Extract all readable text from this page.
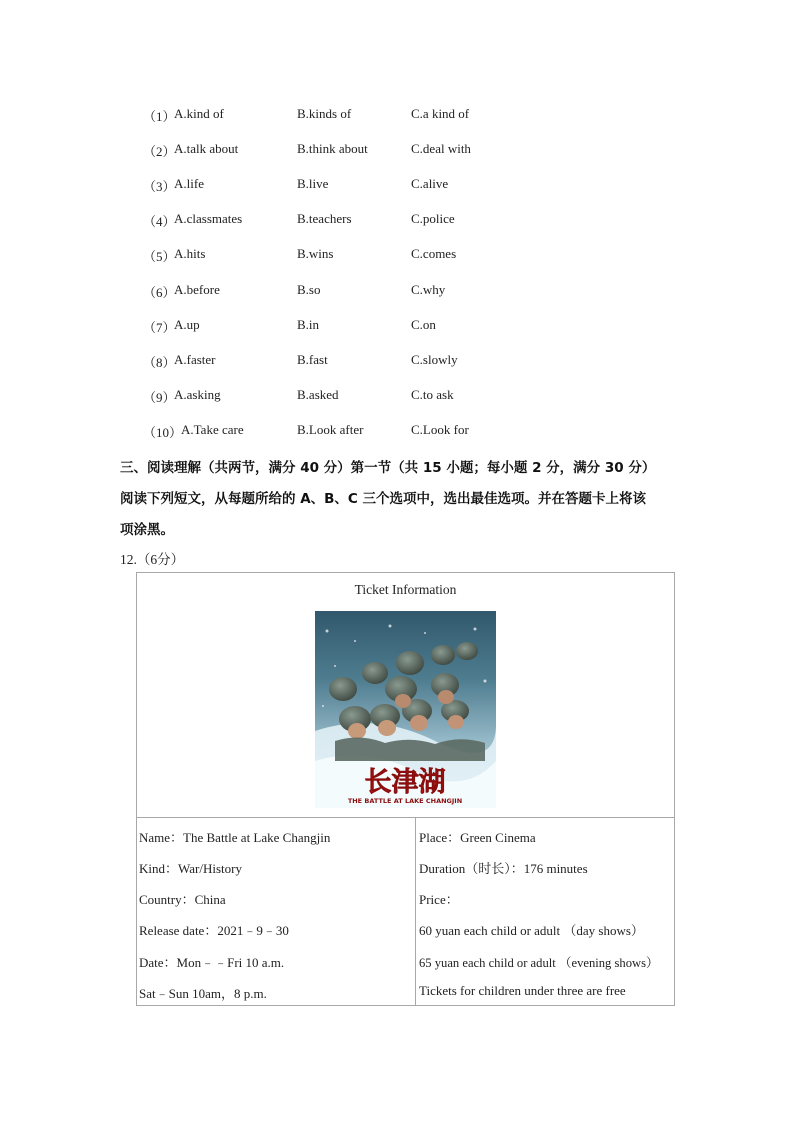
（1）
A.kind of	B.kinds of	C.a kind of
（2）
A.talk about	B.think about	C.deal with
（3）
A.life	B.live	C.alive
（4）
A.classmates	B.teachers	C.police
（5）
A.hits	B.wins	C.comes
（6）
A.before	B.so	C.why
（7）
A.up	B.in	C.on
（8）
A.faster	B.fast	C.slowly
（9）
A.asking	B.asked	C.to ask
（10）
A.Take care	B.Look after	C.Look for
三、阅读理解（共两节，满分 40 分）第一节（共 15 小题；每小题 2 分，满分 30 分）
阅读下列短文，从每题所给的 A、B、C 三个选项中，选出最佳选项。并在答题卡上将该
项涂黑。
12.（6分）
Ticket Information
长津湖
THE BATTLE AT LAKE CHANGJIN
Name：The Battle at Lake Changjin
Kind：War/History
Country：China
Release date：2021﹣9﹣30
Date：Mon﹣﹣Fri 10 a.m.
Sat﹣Sun 10am，8 p.m.
Place：Green Cinema
Duration（时长）：176 minutes
Price：
60 yuan each child or adult （day shows）
65 yuan each child or adult （evening shows）
Tickets for children under three are free
